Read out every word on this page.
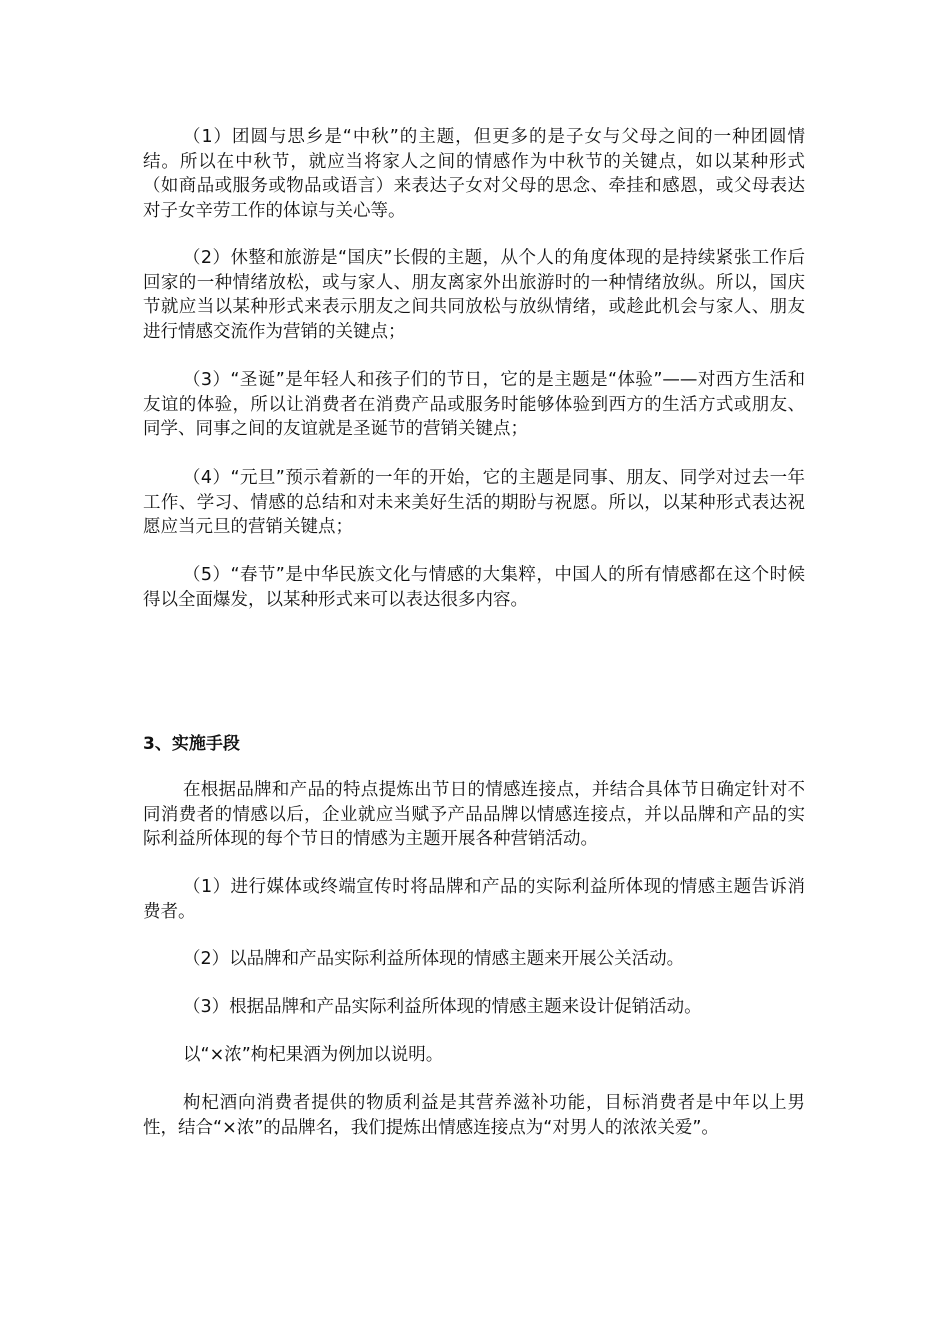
（1）团圆与思乡是“中秋”的主题，但更多的是子女与父母之间的一种团圆情结。所以在中秋节，就应当将家人之间的情感作为中秋节的关键点，如以某种形式（如商品或服务或物品或语言）来表达子女对父母的思念、牵挂和感恩，或父母表达对子女辛劳工作的体谅与关心等。

（2）休整和旅游是“国庆”长假的主题，从个人的角度体现的是持续紧张工作后回家的一种情绪放松，或与家人、朋友离家外出旅游时的一种情绪放纵。所以，国庆节就应当以某种形式来表示朋友之间共同放松与放纵情绪，或趁此机会与家人、朋友进行情感交流作为营销的关键点；

（3）“圣诞”是年轻人和孩子们的节日，它的是主题是“体验”——对西方生活和友谊的体验，所以让消费者在消费产品或服务时能够体验到西方的生活方式或朋友、同学、同事之间的友谊就是圣诞节的营销关键点；

（4）“元旦”预示着新的一年的开始，它的主题是同事、朋友、同学对过去一年工作、学习、情感的总结和对未来美好生活的期盼与祝愿。所以，以某种形式表达祝愿应当元旦的营销关键点；

（5）“春节”是中华民族文化与情感的大集粹，中国人的所有情感都在这个时候得以全面爆发，以某种形式来可以表达很多内容。

3、实施手段

在根据品牌和产品的特点提炼出节日的情感连接点，并结合具体节日确定针对不同消费者的情感以后，企业就应当赋予产品品牌以情感连接点，并以品牌和产品的实际利益所体现的每个节日的情感为主题开展各种营销活动。

（1）进行媒体或终端宣传时将品牌和产品的实际利益所体现的情感主题告诉消费者。

（2）以品牌和产品实际利益所体现的情感主题来开展公关活动。

（3）根据品牌和产品实际利益所体现的情感主题来设计促销活动。

以“×浓”枸杞果酒为例加以说明。

枸杞酒向消费者提供的物质利益是其营养滋补功能，目标消费者是中年以上男性，结合“×浓”的品牌名，我们提炼出情感连接点为“对男人的浓浓关爱”。
